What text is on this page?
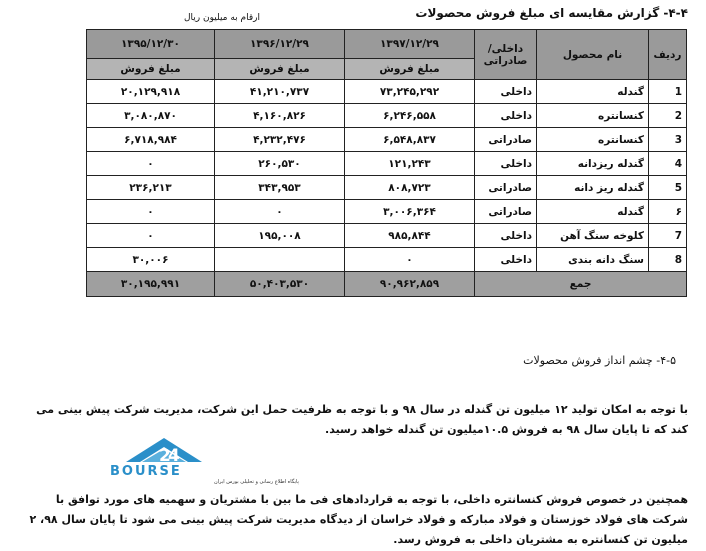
۴-۴- گزارش مقایسه ای مبلغ فروش محصولات
ارقام به میلیون ریال
ردیف	نام محصول	داخلی/ صادراتی	۱۳۹۷/۱۲/۲۹	۱۳۹۶/۱۲/۲۹	۱۳۹۵/۱۲/۳۰
			مبلغ فروش	مبلغ فروش	مبلغ فروش
1	گندله	داخلی	۷۳,۲۴۵,۲۹۲	۴۱,۲۱۰,۷۳۷	۲۰,۱۲۹,۹۱۸
2	کنسانتره	داخلی	۶,۲۴۶,۵۵۸	۴,۱۶۰,۸۲۶	۳,۰۸۰,۸۷۰
3	کنسانتره	صادراتی	۶,۵۴۸,۸۳۷	۴,۲۳۲,۴۷۶	۶,۷۱۸,۹۸۴
4	گندله ریزدانه	داخلی	۱۲۱,۲۴۳	۲۶۰,۵۳۰	۰
5	گندله ریز دانه	صادراتی	۸۰۸,۷۲۳	۳۴۳,۹۵۳	۲۳۶,۲۱۳
۶	گندله	صادراتی	۳,۰۰۶,۳۶۴	۰	۰
7	کلوخه سنگ آهن	داخلی	۹۸۵,۸۴۴	۱۹۵,۰۰۸	۰
8	سنگ دانه بندی	داخلی	۰		۳۰,۰۰۶
جمع			۹۰,۹۶۲,۸۵۹	۵۰,۴۰۳,۵۳۰	۳۰,۱۹۵,۹۹۱
۴-۵- چشم انداز فروش محصولات
با توجه به امکان تولید ۱۲ میلیون تن گندله در سال ۹۸ و با توجه به ظرفیت حمل این شرکت، مدیریت شرکت پیش بینی می کند که تا پایان سال ۹۸ به فروش ۱۰.۵میلیون تن گندله خواهد رسید.
2
4
BOURSE
پایگاه اطلاع رسانی و تحلیلی بورس ایران
همچنین در خصوص فروش کنسانتره داخلی، با توجه به قراردادهای فی ما بین با مشتریان و سهمیه های مورد توافق با شرکت های فولاد خوزستان و فولاد مبارکه و فولاد خراسان از دیدگاه مدیریت شرکت پیش بینی می شود تا پایان سال ۹۸، ۲ میلیون تن کنسانتره به مشتریان داخلی به فروش رسد.
